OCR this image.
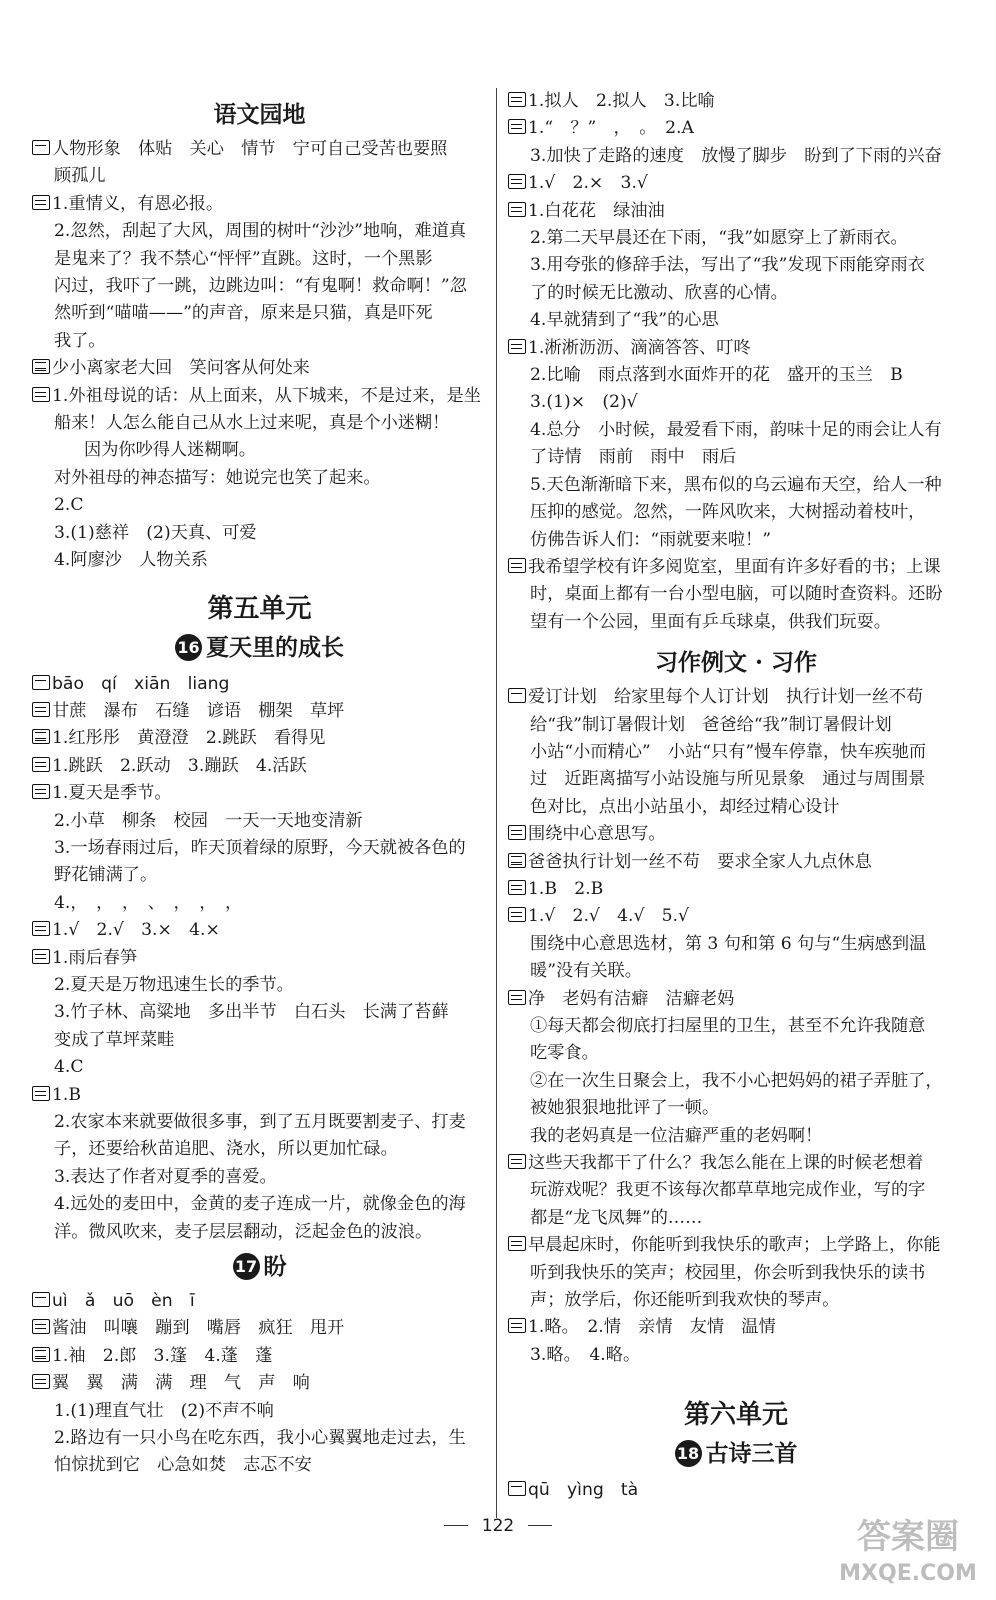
语文园地
人物形象　体贴　关心　情节　宁可自己受苦也要照
顾孤儿
1.重情义，有恩必报。
2.忽然，刮起了大风，周围的树叶“沙沙”地响，难道真
是鬼来了？我不禁心“怦怦”直跳。这时，一个黑影
闪过，我吓了一跳，边跳边叫：“有鬼啊！救命啊！”忽
然听到“喵喵——”的声音，原来是只猫，真是吓死
我了。
少小离家老大回　笑问客从何处来
1.外祖母说的话：从上面来，从下城来，不是过来，是坐
船来！人怎么能自己从水上过来呢，真是个小迷糊！
因为你吵得人迷糊啊。
对外祖母的神态描写：她说完也笑了起来。
2.C
3.(1)慈祥　(2)天真、可爱
4.阿廖沙　人物关系
第五单元
16 夏天里的成长
bāo　qí　xiān　liang
甘蔗　瀑布　石缝　谚语　棚架　草坪
1.红彤彤　黄澄澄　2.跳跃　看得见
1.跳跃　2.跃动　3.蹦跃　4.活跃
1.夏天是季节。
2.小草　柳条　校园　一天一天地变清新
3.一场春雨过后，昨天顶着绿的原野，今天就被各色的
野花铺满了。
4.，　，　，　、　，　，　，
1.√　2.√　3.×　4.×
1.雨后春笋
2.夏天是万物迅速生长的季节。
3.竹子林、高粱地　多出半节　白石头　长满了苔藓
变成了草坪菜畦
4.C
1.B
2.农家本来就要做很多事，到了五月既要割麦子、打麦
子，还要给秋苗追肥、浇水，所以更加忙碌。
3.表达了作者对夏季的喜爱。
4.远处的麦田中，金黄的麦子连成一片，就像金色的海
洋。微风吹来，麦子层层翻动，泛起金色的波浪。
17 盼
uì　ǎ　uō　èn　ī
酱油　叫嚷　蹦到　嘴唇　疯狂　甩开
1.袖　2.郎　3.篷　4.蓬　蓬
翼　翼　满　满　理　气　声　响
1.(1)理直气壮　(2)不声不响
2.路边有一只小鸟在吃东西，我小心翼翼地走过去，生
怕惊扰到它　心急如焚　志忑不安
1.拟人　2.拟人　3.比喻
1.“　？”　，　。　2.A
3.加快了走路的速度　放慢了脚步　盼到了下雨的兴奋
1.√　2.×　3.√
1.白花花　绿油油
2.第二天早晨还在下雨，“我”如愿穿上了新雨衣。
3.用夸张的修辞手法，写出了“我”发现下雨能穿雨衣
了的时候无比激动、欣喜的心情。
4.早就猜到了“我”的心思
1.淅淅沥沥、滴滴答答、叮咚
2.比喻　雨点落到水面炸开的花　盛开的玉兰　B
3.(1)×　(2)√
4.总分　小时候，最爱看下雨，韵味十足的雨会让人有
了诗情　雨前　雨中　雨后
5.天色渐渐暗下来，黑布似的乌云遍布天空，给人一种
压抑的感觉。忽然，一阵风吹来，大树摇动着枝叶，
仿佛告诉人们：“雨就要来啦！”
我希望学校有许多阅览室，里面有许多好看的书；上课
时，桌面上都有一台小型电脑，可以随时查资料。还盼
望有一个公园，里面有乒乓球桌，供我们玩耍。
习作例文 · 习作
爱订计划　给家里每个人订计划　执行计划一丝不苟
给“我”制订暑假计划　爸爸给“我”制订暑假计划
小站“小而精心”　小站“只有”慢车停靠，快车疾驰而
过　近距离描写小站设施与所见景象　通过与周围景
色对比，点出小站虽小，却经过精心设计
围绕中心意思写。
爸爸执行计划一丝不苟　要求全家人九点休息
1.B　2.B
1.√　2.√　4.√　5.√
围绕中心意思选材，第 3 句和第 6 句与“生病感到温
暖”没有关联。
净　老妈有洁癖　洁癖老妈
①每天都会彻底打扫屋里的卫生，甚至不允许我随意
吃零食。
②在一次生日聚会上，我不小心把妈妈的裙子弄脏了，
被她狠狠地批评了一顿。
我的老妈真是一位洁癖严重的老妈啊！
这些天我都干了什么？我怎么能在上课的时候老想着
玩游戏呢？我更不该每次都草草地完成作业，写的字
都是“龙飞凤舞”的……
早晨起床时，你能听到我快乐的歌声；上学路上，你能
听到我快乐的笑声；校园里，你会听到我快乐的读书
声；放学后，你还能听到我欢快的琴声。
1.略。　2.情　亲情　友情　温情
3.略。　4.略。
第六单元
18 古诗三首
qū　yìng　tà
122	答案圈
MXQE.COM
